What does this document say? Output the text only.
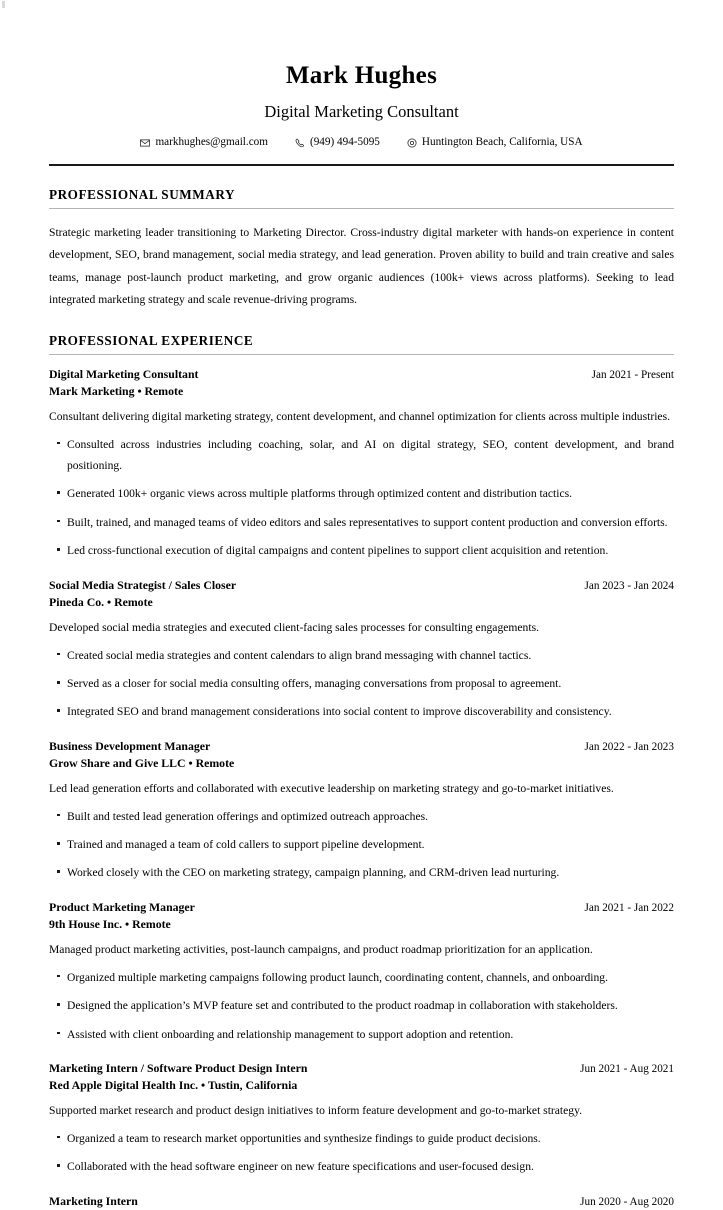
Mark Hughes
Digital Marketing Consultant
markhughes@gmail.com	(949) 494-5095	Huntington Beach, California, USA
PROFESSIONAL SUMMARY

Strategic marketing leader transitioning to Marketing Director. Cross-industry digital marketer with hands-on experience in content development, SEO, brand management, social media strategy, and lead generation. Proven ability to build and train creative and sales teams, manage post-launch product marketing, and grow organic audiences (100k+ views across platforms). Seeking to lead integrated marketing strategy and scale revenue-driving programs.

PROFESSIONAL EXPERIENCE
Digital Marketing Consultant	Jan 2021 - Present
Mark Marketing • Remote

Consultant delivering digital marketing strategy, content development, and channel optimization for clients across multiple industries.

Consulted across industries including coaching, solar, and AI on digital strategy, SEO, content development, and brand positioning.
Generated 100k+ organic views across multiple platforms through optimized content and distribution tactics.
Built, trained, and managed teams of video editors and sales representatives to support content production and conversion efforts.
Led cross-functional execution of digital campaigns and content pipelines to support client acquisition and retention.
Social Media Strategist / Sales Closer	Jan 2023 - Jan 2024
Pineda Co. • Remote

Developed social media strategies and executed client-facing sales processes for consulting engagements.

Created social media strategies and content calendars to align brand messaging with channel tactics.
Served as a closer for social media consulting offers, managing conversations from proposal to agreement.
Integrated SEO and brand management considerations into social content to improve discoverability and consistency.
Business Development Manager	Jan 2022 - Jan 2023
Grow Share and Give LLC • Remote

Led lead generation efforts and collaborated with executive leadership on marketing strategy and go-to-market initiatives.

Built and tested lead generation offerings and optimized outreach approaches.
Trained and managed a team of cold callers to support pipeline development.
Worked closely with the CEO on marketing strategy, campaign planning, and CRM-driven lead nurturing.
Product Marketing Manager	Jan 2021 - Jan 2022
9th House Inc. • Remote

Managed product marketing activities, post-launch campaigns, and product roadmap prioritization for an application.

Organized multiple marketing campaigns following product launch, coordinating content, channels, and onboarding.
Designed the application’s MVP feature set and contributed to the product roadmap in collaboration with stakeholders.
Assisted with client onboarding and relationship management to support adoption and retention.
Marketing Intern / Software Product Design Intern	Jun 2021 - Aug 2021
Red Apple Digital Health Inc. • Tustin, California

Supported market research and product design initiatives to inform feature development and go-to-market strategy.

Organized a team to research market opportunities and synthesize findings to guide product decisions.
Collaborated with the head software engineer on new feature specifications and user-focused design.
Marketing Intern	Jun 2020 - Aug 2020
